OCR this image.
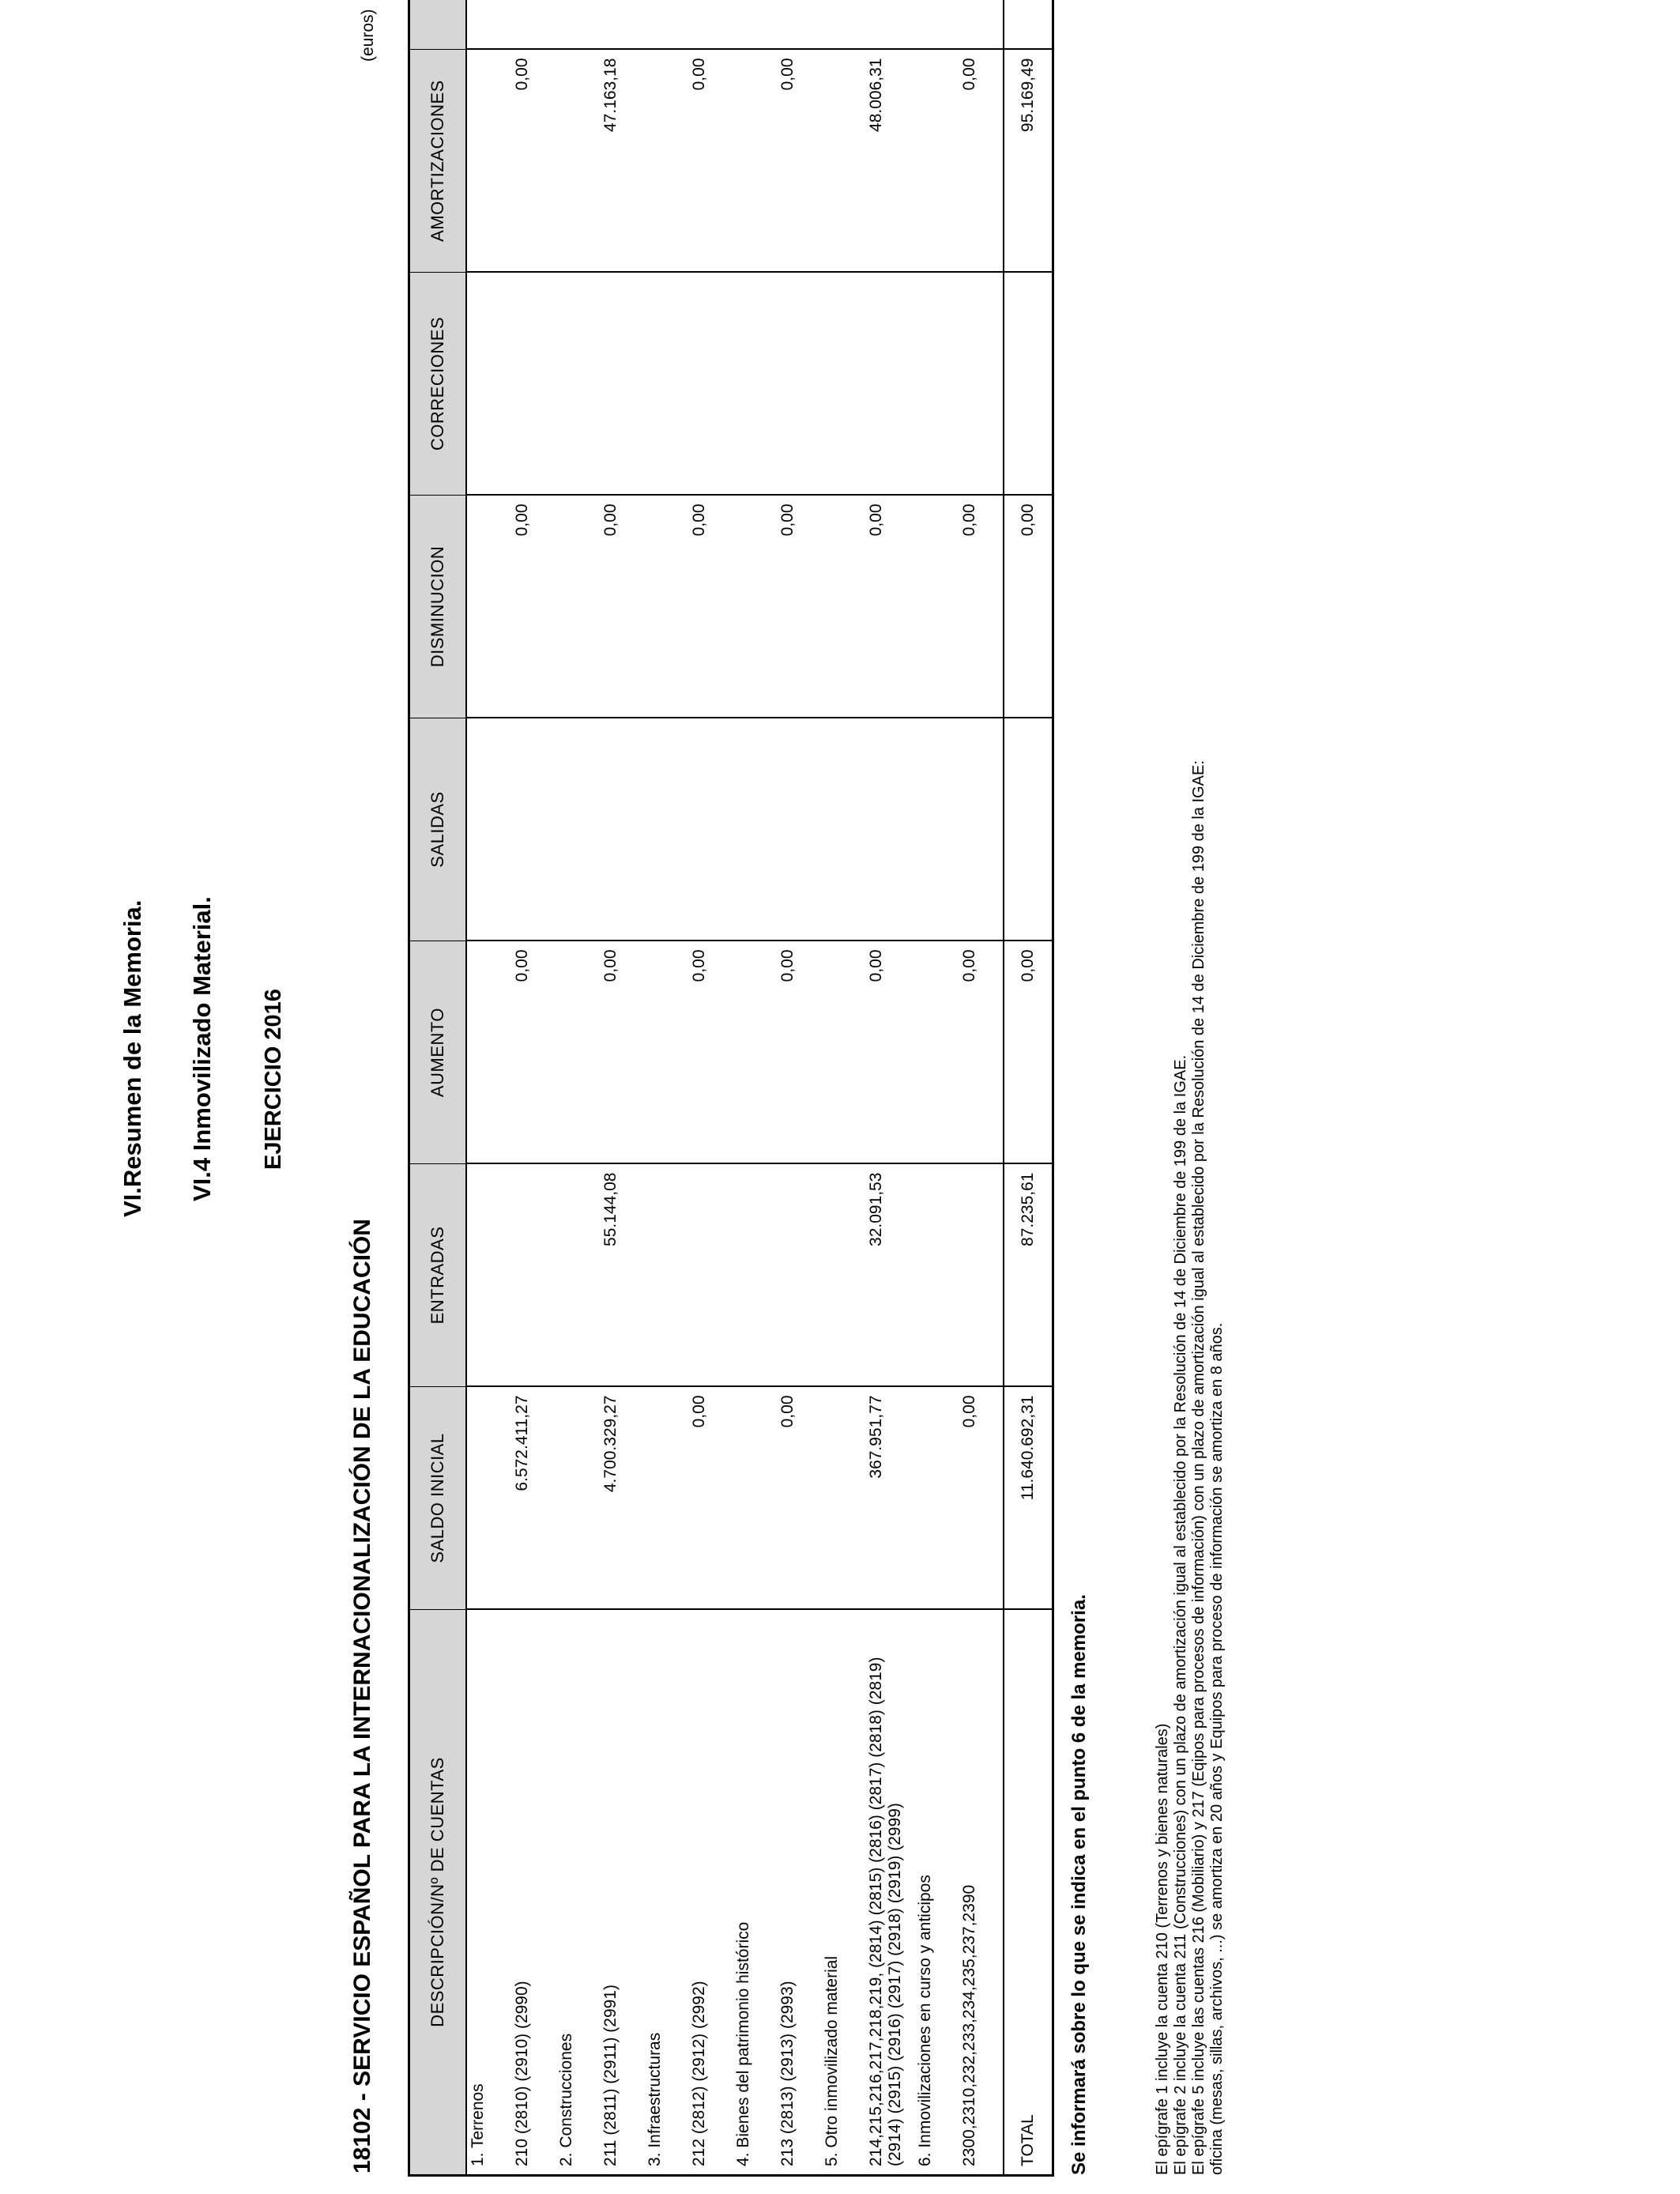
VI.Resumen de la Memoria. VI.4 Inmovilizado Material. EJERCICIO 2016
18102 - SERVICIO ESPAÑOL PARA LA INTERNACIONALIZACIÓN DE LA EDUCACIÓN
(euros)
DESCRIPCIÓN/Nº DE CUENTAS	SALDO INICIAL	ENTRADAS	AUMENTO	SALIDAS	DISMINUCION	CORRECIONES	AMORTIZACIONES	
1. Terrenos								
210 (2810) (2910) (2990)	6.572.411,27		0,00		0,00		0,00	
2. Construcciones								
211 (2811) (2911) (2991)	4.700.329,27	55.144,08	0,00		0,00		47.163,18	
3. Infraestructuras								
212 (2812) (2912) (2992)	0,00		0,00		0,00		0,00	
4. Bienes del patrimonio histórico								
213 (2813) (2913) (2993)	0,00		0,00		0,00		0,00	
5. Otro inmovilizado material								
214,215,216,217,218,219, (2814) (2815) (2816) (2817) (2818) (2819) (2914) (2915) (2916) (2917) (2918) (2919) (2999)	367.951,77	32.091,53	0,00		0,00		48.006,31	
6. Inmovilizaciones en curso y anticipos								
2300,2310,232,233,234,235,237,2390	0,00		0,00		0,00		0,00	
TOTAL	11.640.692,31	87.235,61	0,00		0,00		95.169,49	
Se informará sobre lo que se indica en el punto 6 de la memoria.	El epígrafe 1 incluye la cuenta 210 (Terrenos y bienes naturales) El epígrafe 2 incluye la cuenta 211 (Construcciones) con un plazo de amortización igual al establecido por la Resolución de 14 de Diciembre de 199 de la IGAE. El epígrafe 5 incluye las cuentas 216 (Mobiliario) y 217 (Eqipos para procesos de información) con un plazo de amortización igual al establecido por la Resolución de 14 de Diciembre de 199 de la IGAE: oficina (mesas, sillas, archivos, ...) se amortiza en 20 años y Equipos para proceso de información se amortiza en 8 años.
